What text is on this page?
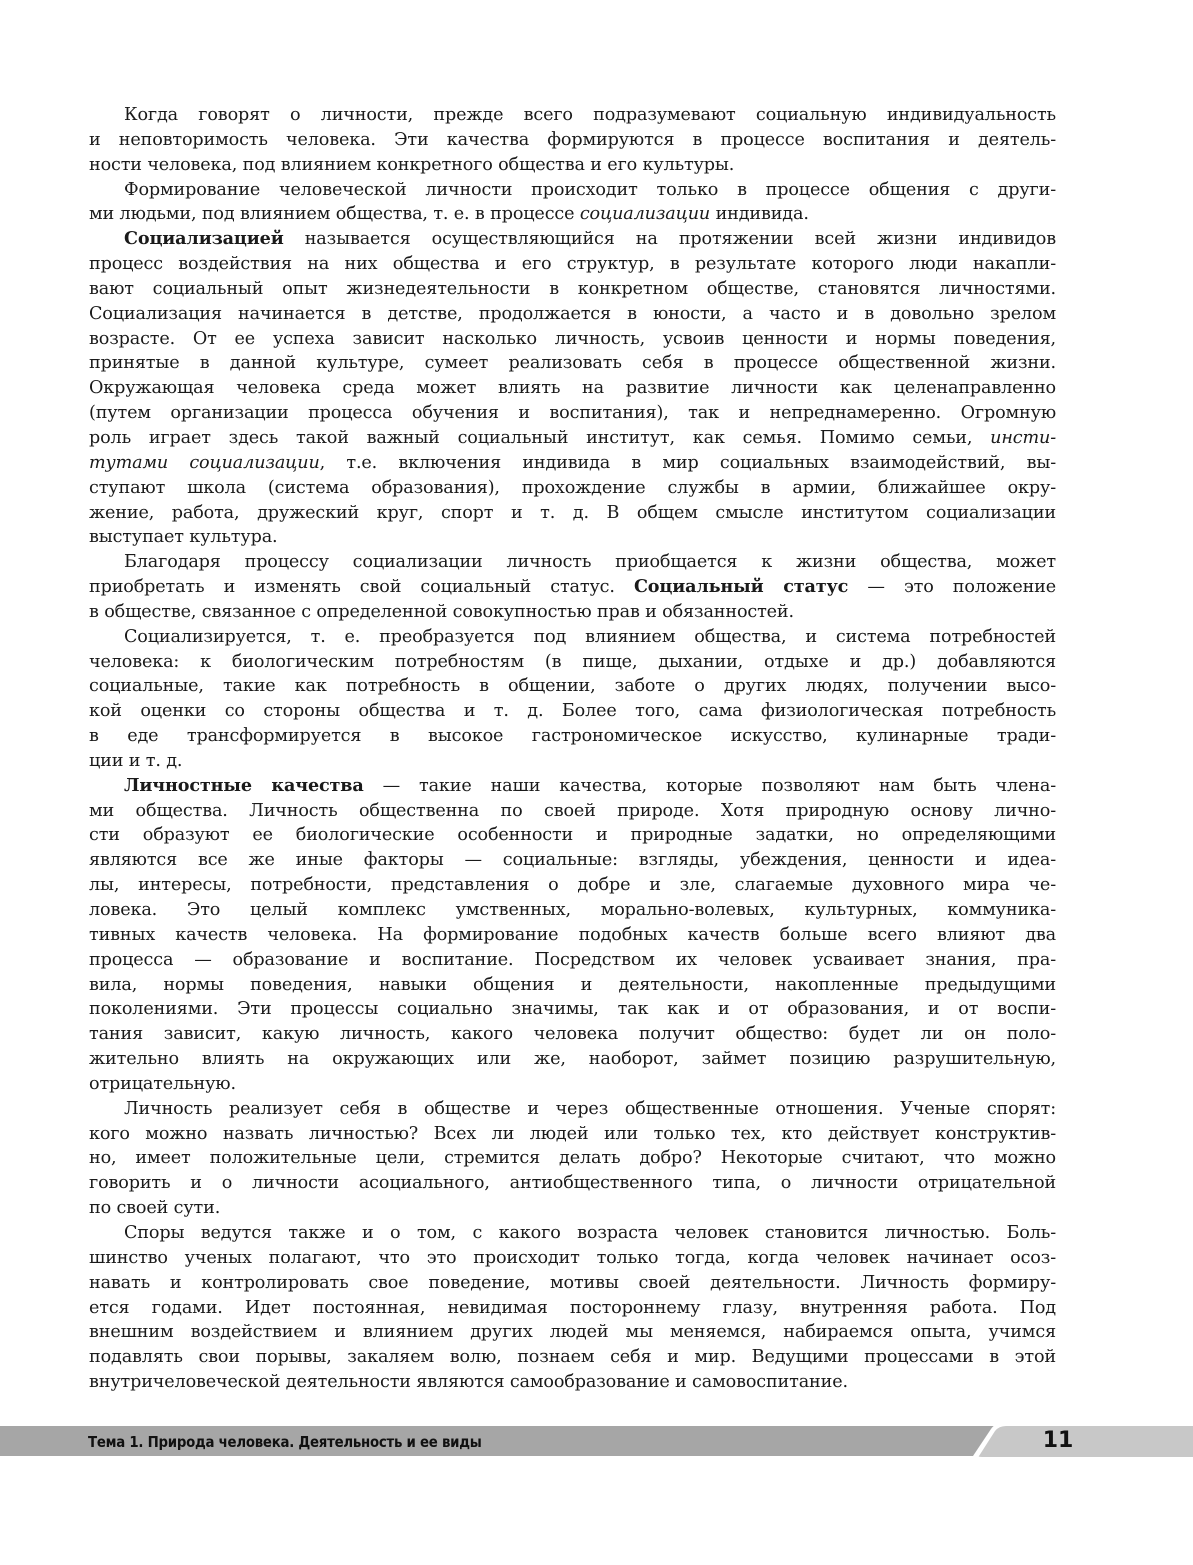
Когда говорят о личности, прежде всего подразумевают социальную индивидуальность
и неповторимость человека. Эти качества формируются в процессе воспитания и деятель-
ности человека, под влиянием конкретного общества и его культуры.
Формирование человеческой личности происходит только в процессе общения с други-
ми людьми, под влиянием общества, т. е. в процессе социализации индивида.
Социализацией называется осуществляющийся на протяжении всей жизни индивидов
процесс воздействия на них общества и его структур, в результате которого люди накапли-
вают социальный опыт жизнедеятельности в конкретном обществе, становятся личностями.
Социализация начинается в детстве, продолжается в юности, а часто и в довольно зрелом
возрасте. От ее успеха зависит насколько личность, усвоив ценности и нормы поведения,
принятые в данной культуре, сумеет реализовать себя в процессе общественной жизни.
Окружающая человека среда может влиять на развитие личности как целенаправленно
(путем организации процесса обучения и воспитания), так и непреднамеренно. Огромную
роль играет здесь такой важный социальный институт, как семья. Помимо семьи, инсти-
тутами социализации, т.е. включения индивида в мир социальных взаимодействий, вы-
ступают школа (система образования), прохождение службы в армии, ближайшее окру-
жение, работа, дружеский круг, спорт и т. д. В общем смысле институтом социализации
выступает культура.
Благодаря процессу социализации личность приобщается к жизни общества, может
приобретать и изменять свой социальный статус. Социальный статус — это положение
в обществе, связанное с определенной совокупностью прав и обязанностей.
Социализируется, т. е. преобразуется под влиянием общества, и система потребностей
человека: к биологическим потребностям (в пище, дыхании, отдыхе и др.) добавляются
социальные, такие как потребность в общении, заботе о других людях, получении высо-
кой оценки со стороны общества и т. д. Более того, сама физиологическая потребность
в еде трансформируется в высокое гастрономическое искусство, кулинарные тради-
ции и т. д.
Личностные качества — такие наши качества, которые позволяют нам быть члена-
ми общества. Личность общественна по своей природе. Хотя природную основу лично-
сти образуют ее биологические особенности и природные задатки, но определяющими
являются все же иные факторы — социальные: взгляды, убеждения, ценности и идеа-
лы, интересы, потребности, представления о добре и зле, слагаемые духовного мира че-
ловека. Это целый комплекс умственных, морально-волевых, культурных, коммуника-
тивных качеств человека. На формирование подобных качеств больше всего влияют два
процесса — образование и воспитание. Посредством их человек усваивает знания, пра-
вила, нормы поведения, навыки общения и деятельности, накопленные предыдущими
поколениями. Эти процессы социально значимы, так как и от образования, и от воспи-
тания зависит, какую личность, какого человека получит общество: будет ли он поло-
жительно влиять на окружающих или же, наоборот, займет позицию разрушительную,
отрицательную.
Личность реализует себя в обществе и через общественные отношения. Ученые спорят:
кого можно назвать личностью? Всех ли людей или только тех, кто действует конструктив-
но, имеет положительные цели, стремится делать добро? Некоторые считают, что можно
говорить и о личности асоциального, антиобщественного типа, о личности отрицательной
по своей сути.
Споры ведутся также и о том, с какого возраста человек становится личностью. Боль-
шинство ученых полагают, что это происходит только тогда, когда человек начинает осоз-
навать и контролировать свое поведение, мотивы своей деятельности. Личность формиру-
ется годами. Идет постоянная, невидимая постороннему глазу, внутренняя работа. Под
внешним воздействием и влиянием других людей мы меняемся, набираемся опыта, учимся
подавлять свои порывы, закаляем волю, познаем себя и мир. Ведущими процессами в этой
внутричеловеческой деятельности являются самообразование и самовоспитание.
Тема 1. Природа человека. Деятельность и ее виды	11
